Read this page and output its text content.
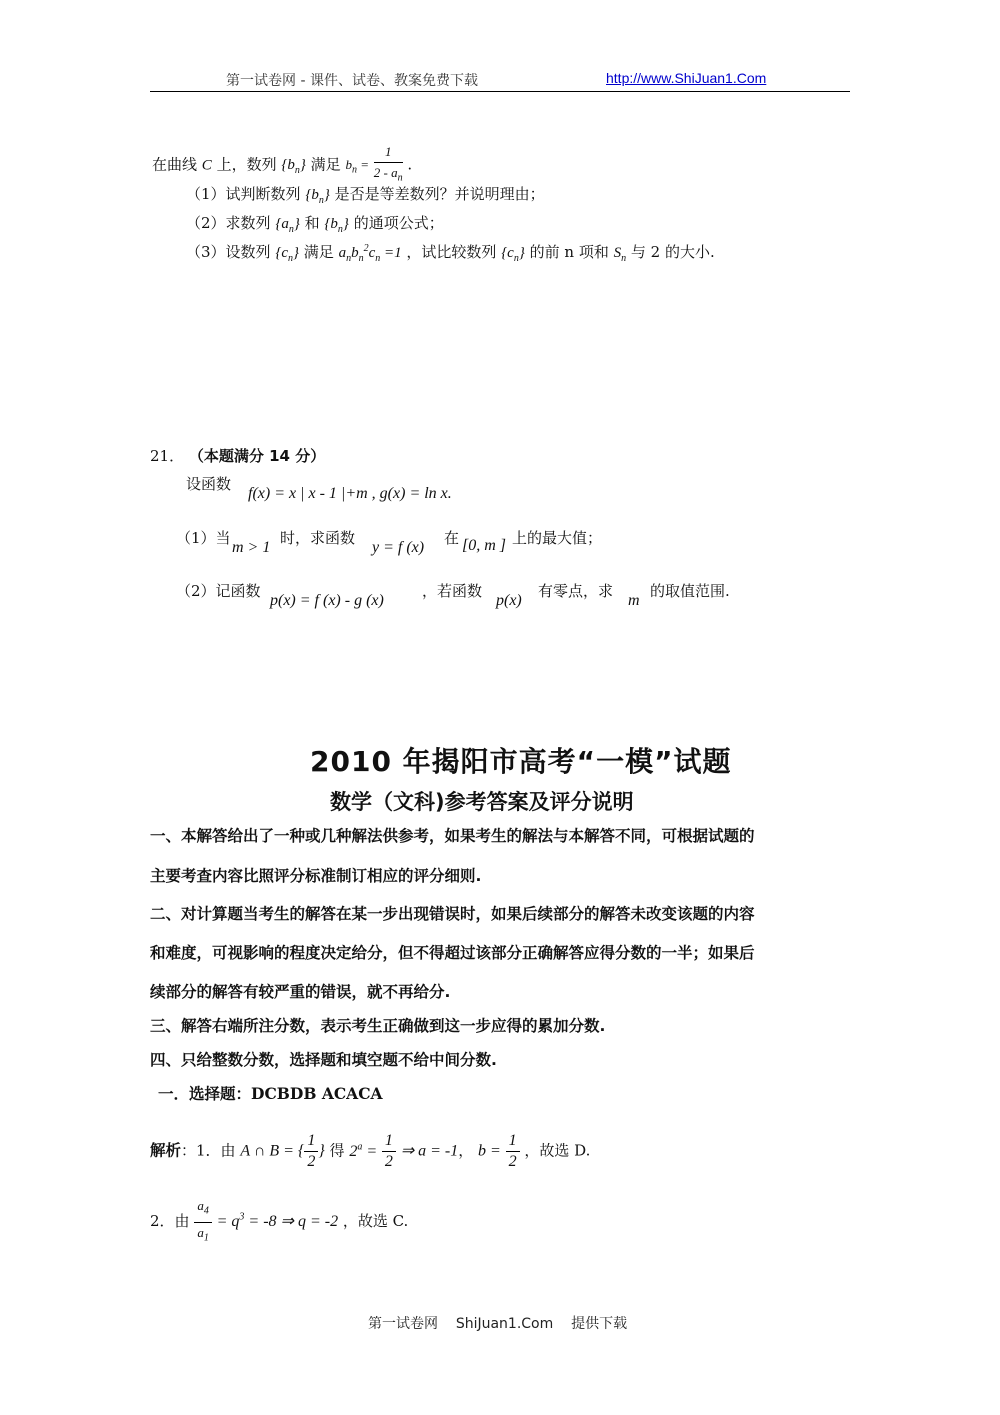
第一试卷网 - 课件、试卷、教案免费下载	http://www.ShiJuan1.Com
在曲线 C 上，数列 $\{b_n\}$ 满足 $b_n = \frac{1}{2 - a_n}$ .
（1）试判断数列 $\{b_n\}$ 是否是等差数列？并说明理由；
（2）求数列 $\{a_n\}$ 和 $\{b_n\}$ 的通项公式；
（3）设数列 $\{c_n\}$ 满足 $a_nb_n^2c_n =1$ ，试比较数列 $\{c_n\}$ 的前 n 项和 $S_n$ 与 2 的大小.
21． （本题满分 14 分）
设函数
f(x) = x | x - 1 |+m , g(x) = ln x.
（1）当
m > 1
时，求函数
y = f (x)
在 [0, m ] 上的最大值；
（2）记函数
p(x) = f (x) - g (x)
，若函数
p(x)
有零点，求
m
的取值范围.
2010 年揭阳市高考“一模”试题
数学（文科)参考答案及评分说明
一、本解答给出了一种或几种解法供参考，如果考生的解法与本解答不同，可根据试题的
主要考查内容比照评分标准制订相应的评分细则.
二、对计算题当考生的解答在某一步出现错误时，如果后续部分的解答未改变该题的内容
和难度，可视影响的程度决定给分，但不得超过该部分正确解答应得分数的一半；如果后
续部分的解答有较严重的错误，就不再给分.
三、解答右端所注分数，表示考生正确做到这一步应得的累加分数.
四、只给整数分数，选择题和填空题不给中间分数.
一．选择题：DCBDB ACACA
解析：1．由 A ∩ B = { $\frac{1}{2}$ } 得 $2^a = \frac{1}{2}$ ⇒ a = -1， $b = \frac{1}{2}$ ，故选 D.
2．由 $\frac{a_4}{a_1} = q^3 = -8$ ⇒ q = -2 ，故选 C.
第一试卷网 ShiJuan1.Com 提供下载
